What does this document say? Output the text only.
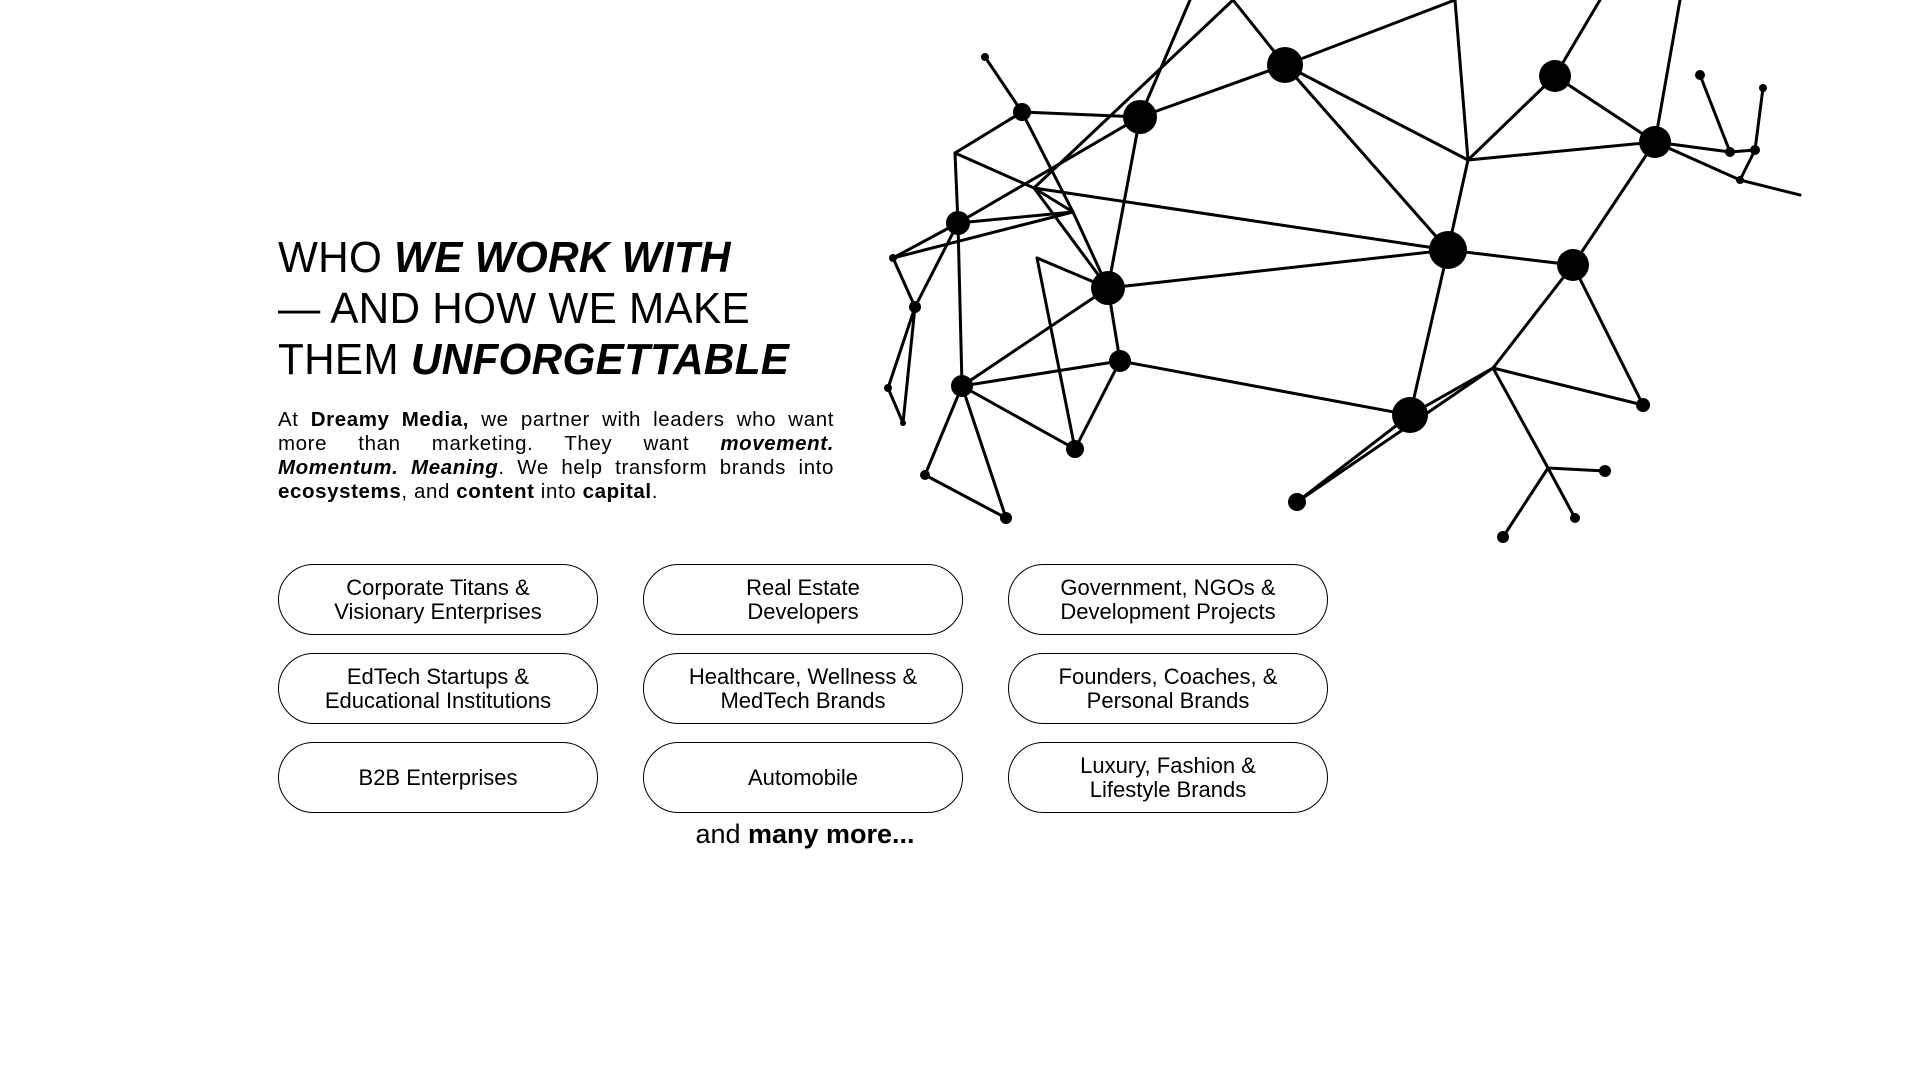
WHO WE WORK WITH
— AND HOW WE MAKE
THEM UNFORGETTABLE

At Dreamy Media, we partner with leaders who want more than marketing. They want movement. Momentum. Meaning. We help transform brands into ecosystems, and content into capital.

Corporate Titans &
Visionary Enterprises
Real Estate
Developers
Government, NGOs &
Development Projects
EdTech Startups &
Educational Institutions
Healthcare, Wellness &
MedTech Brands
Founders, Coaches, &
Personal Brands
B2B Enterprises	Automobile	Luxury, Fashion &
Lifestyle Brands
and many more...
